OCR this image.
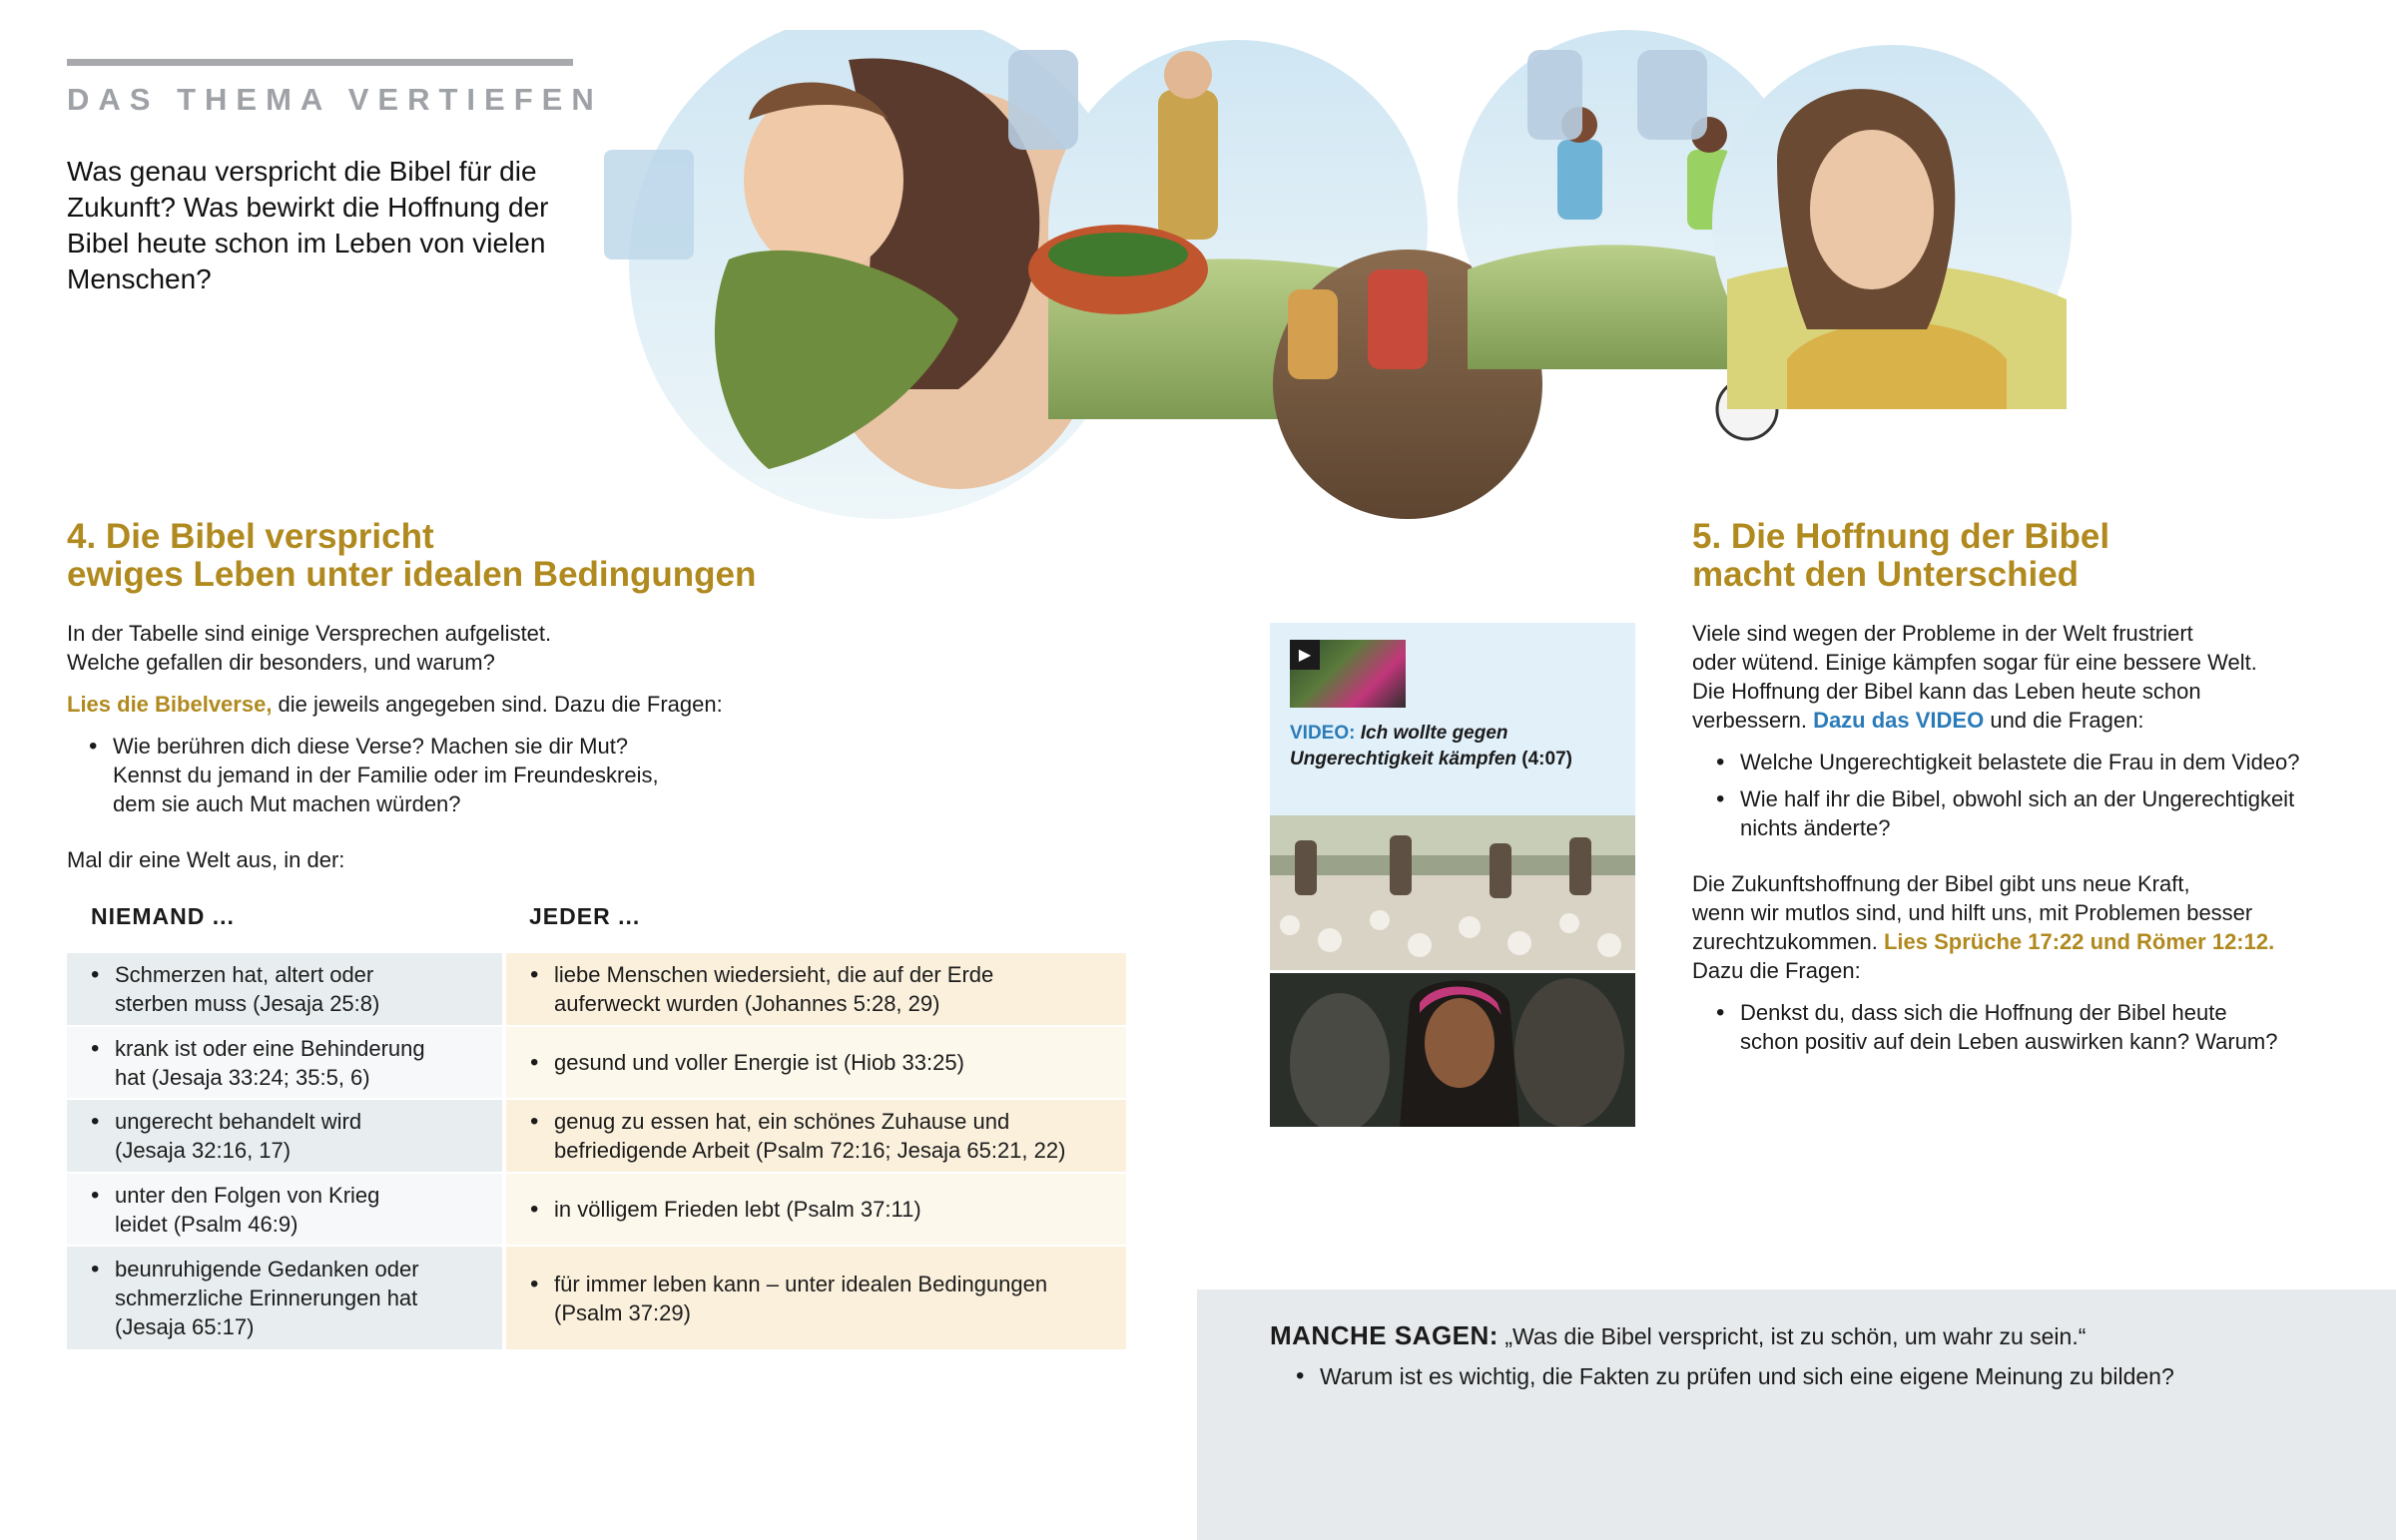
DAS THEMA VERTIEFEN
Was genau verspricht die Bibel für die Zukunft? Was bewirkt die Hoffnung der Bibel heute schon im Leben von vielen Menschen?
4. Die Bibel verspricht
ewiges Leben unter idealen Bedingungen
In der Tabelle sind einige Versprechen aufgelistet.
Welche gefallen dir besonders, und warum?
Lies die Bibelverse, die jeweils angegeben sind. Dazu die Fragen:
• Wie berühren dich diese Verse? Machen sie dir Mut?
Kennst du jemand in der Familie oder im Freundeskreis,
dem sie auch Mut machen würden?
Mal dir eine Welt aus, in der:
NIEMAND ...	JEDER ...
• Schmerzen hat, altert oder
sterben muss (Jesaja 25:8)
• liebe Menschen wiedersieht, die auf der Erde
auferweckt wurden (Johannes 5:28, 29)
• krank ist oder eine Behinderung
hat (Jesaja 33:24; 35:5, 6)
• gesund und voller Energie ist (Hiob 33:25)
• ungerecht behandelt wird
(Jesaja 32:16, 17)
• genug zu essen hat, ein schönes Zuhause und
befriedigende Arbeit (Psalm 72:16; Jesaja 65:21, 22)
• unter den Folgen von Krieg
leidet (Psalm 46:9)
• in völligem Frieden lebt (Psalm 37:11)
• beunruhigende Gedanken oder
schmerzliche Erinnerungen hat
(Jesaja 65:17)
• für immer leben kann – unter idealen Bedingungen
(Psalm 37:29)
▶
VIDEO: Ich wollte gegen
Ungerechtigkeit kämpfen (4:07)
5. Die Hoffnung der Bibel
macht den Unterschied
Viele sind wegen der Probleme in der Welt frustriert
oder wütend. Einige kämpfen sogar für eine bessere Welt.
Die Hoffnung der Bibel kann das Leben heute schon
verbessern. Dazu das VIDEO und die Fragen:
• Welche Ungerechtigkeit belastete die Frau in dem Video?
• Wie half ihr die Bibel, obwohl sich an der Ungerechtigkeit
nichts änderte?
Die Zukunftshoffnung der Bibel gibt uns neue Kraft,
wenn wir mutlos sind, und hilft uns, mit Problemen besser
zurechtzukommen. Lies Sprüche 17:22 und Römer 12:12.
Dazu die Fragen:
• Denkst du, dass sich die Hoffnung der Bibel heute
schon positiv auf dein Leben auswirken kann? Warum?
MANCHE SAGEN: „Was die Bibel verspricht, ist zu schön, um wahr zu sein.“
• Warum ist es wichtig, die Fakten zu prüfen und sich eine eigene Meinung zu bilden?
